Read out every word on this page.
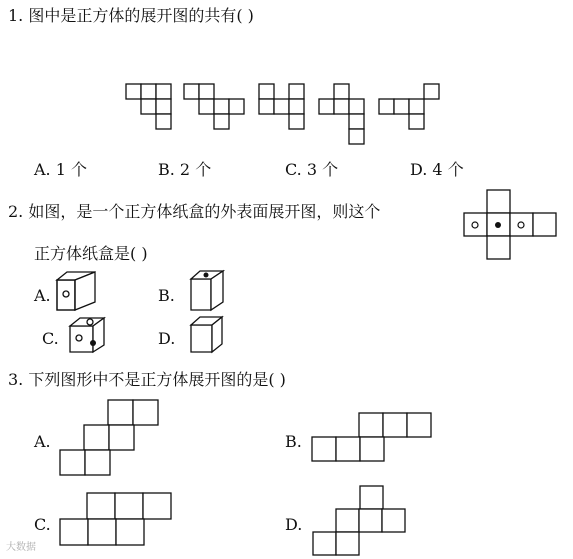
1. 图中是正方体的展开图的共有( )
A. 1 个	B. 2 个	C. 3 个	D. 4 个
2. 如图，是一个正方体纸盒的外表面展开图，则这个
正方体纸盒是( )
A.	B.
C.	D.
3. 下列图形中不是正方体展开图的是( )
A.	B.
C.	D.
大数据
